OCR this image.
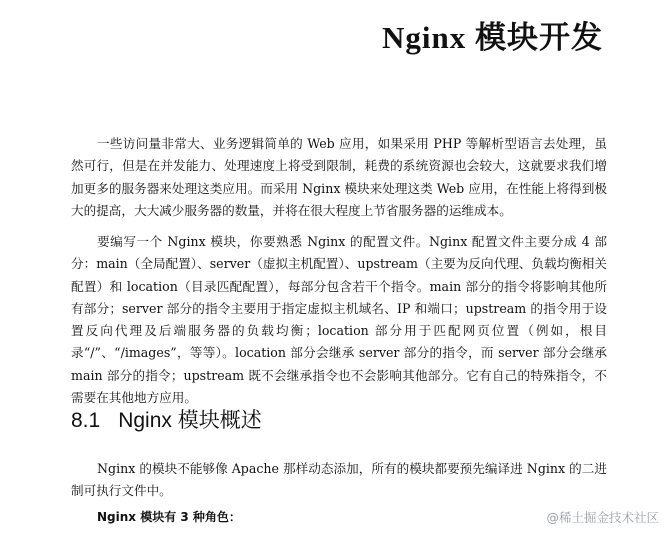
Nginx 模块开发

一些访问量非常大、业务逻辑简单的 Web 应用，如果采用 PHP 等解析型语言去处理，虽然可行，但是在并发能力、处理速度上将受到限制，耗费的系统资源也会较大，这就要求我们增加更多的服务器来处理这类应用。而采用 Nginx 模块来处理这类 Web 应用，在性能上将得到极大的提高，大大减少服务器的数量，并将在很大程度上节省服务器的运维成本。

要编写一个 Nginx 模块，你要熟悉 Nginx 的配置文件。Nginx 配置文件主要分成 4 部分：main（全局配置）、server（虚拟主机配置）、upstream（主要为反向代理、负载均衡相关配置）和 location（目录匹配配置），每部分包含若干个指令。main 部分的指令将影响其他所有部分；server 部分的指令主要用于指定虚拟主机域名、IP 和端口；upstream 的指令用于设置反向代理及后端服务器的负载均衡；location 部分用于匹配网页位置（例如，根目录“/”、“/images”，等等）。location 部分会继承 server 部分的指令，而 server 部分会继承 main 部分的指令；upstream 既不会继承指令也不会影响其他部分。它有自己的特殊指令，不需要在其他地方应用。

8.1 Nginx 模块概述

Nginx 的模块不能够像 Apache 那样动态添加，所有的模块都要预先编译进 Nginx 的二进制可执行文件中。

Nginx 模块有 3 种角色：	@稀土掘金技术社区
